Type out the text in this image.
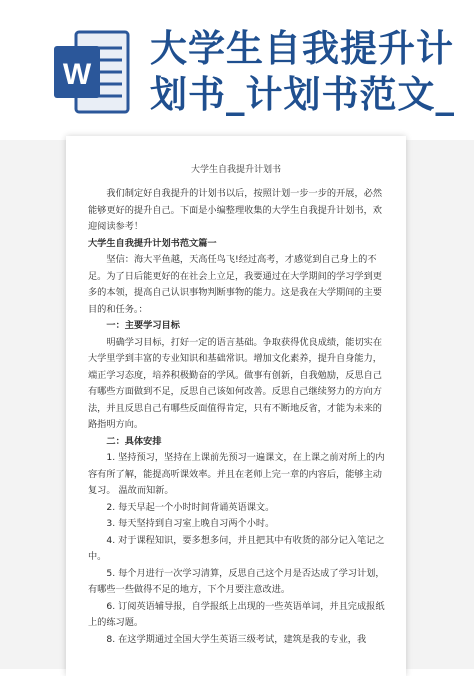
W
大学生自我提升计划书_计划书范文_
大学生自我提升计划书

我们制定好自我提升的计划书以后，按照计划一步一步的开展，必然能够更好的提升自己。下面是小编整理收集的大学生自我提升计划书，欢迎阅读参考！

大学生自我提升计划书范文篇一

坚信：海大平鱼越，天高任鸟飞!经过高考，才感觉到自己身上的不足。为了日后能更好的在社会上立足，我要通过在大学期间的学习学到更多的本领，提高自己认识事物判断事物的能力。这是我在大学期间的主要目的和任务。：

一：主要学习目标

明确学习目标，打好一定的语言基础。争取获得优良成绩，能切实在大学里学到丰富的专业知识和基础常识。增加文化素养，提升自身能力，端正学习态度，培养积极勤奋的学风。做事有创新，自我勉励，反思自己有哪些方面做到不足，反思自己该如何改善。反思自己继续努力的方向方法，并且反思自己有哪些反面值得肯定，只有不断地反省，才能为未来的路指明方向。

二：具体安排

1. 坚持预习，坚持在上课前先预习一遍课文，在上课之前对所上的内容有所了解，能提高听课效率。并且在老师上完一章的内容后，能够主动复习。 温故而知新。

2. 每天早起一个小时时间背诵英语课文。

3. 每天坚持到自习室上晚自习两个小时。

4. 对于课程知识，要多想多问，并且把其中有收货的部分记入笔记之中。

5. 每个月进行一次学习清算，反思自己这个月是否达成了学习计划，有哪些一些做得不足的地方，下个月要注意改进。

6. 订阅英语辅导报，自学报纸上出现的一些英语单词，并且完成报纸上的练习题。

8. 在这学期通过全国大学生英语三级考试，建筑是我的专业，我
